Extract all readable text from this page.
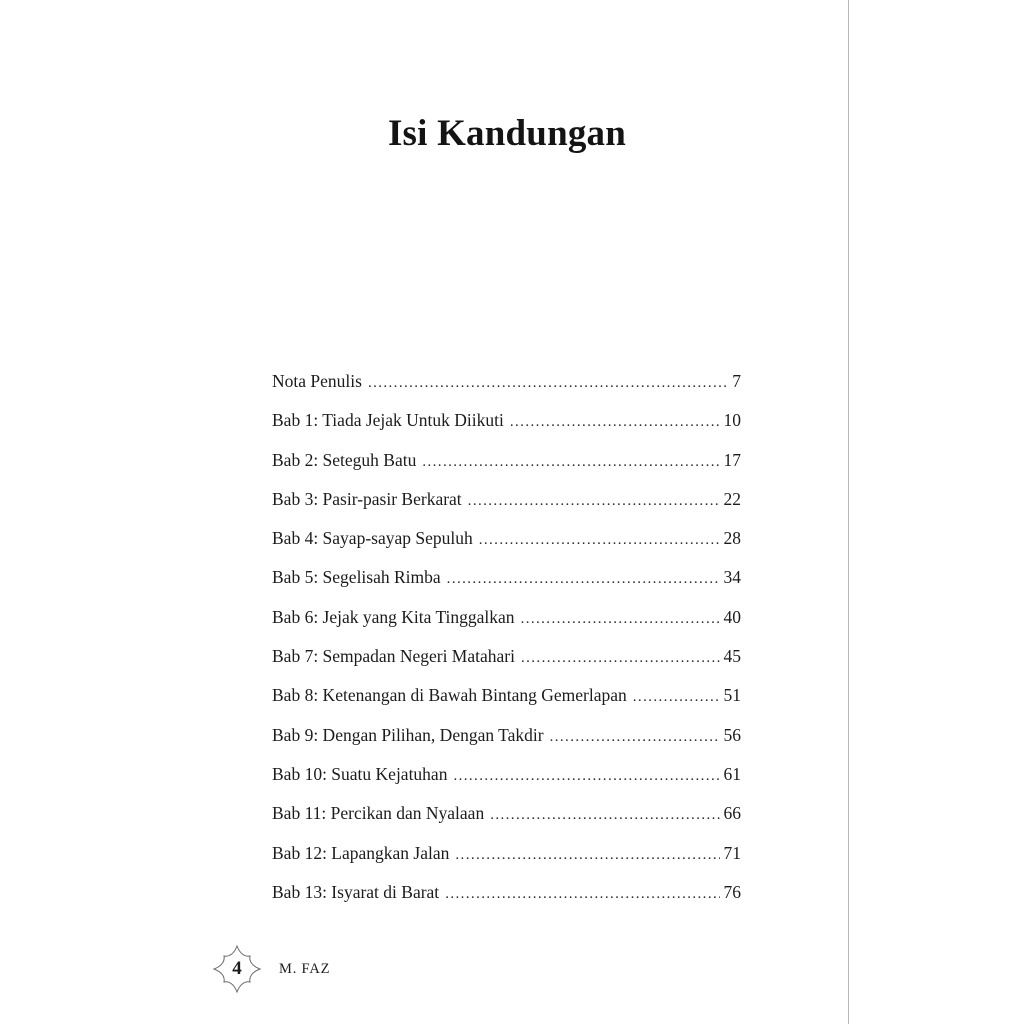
Isi Kandungan
Nota Penulis .....	7
Bab 1: Tiada Jejak Untuk Diikuti .....	10
Bab 2: Seteguh Batu .....	17
Bab 3: Pasir-pasir Berkarat .....	22
Bab 4: Sayap-sayap Sepuluh .....	28
Bab 5: Segelisah Rimba .....	34
Bab 6: Jejak yang Kita Tinggalkan .....	40
Bab 7: Sempadan Negeri Matahari .....	45
Bab 8: Ketenangan di Bawah Bintang Gemerlapan .....	51
Bab 9: Dengan Pilihan, Dengan Takdir .....	56
Bab 10: Suatu Kejatuhan .....	61
Bab 11: Percikan dan Nyalaan .....	66
Bab 12: Lapangkan Jalan .....	71
Bab 13: Isyarat di Barat .....	76
4	M. FAZ
